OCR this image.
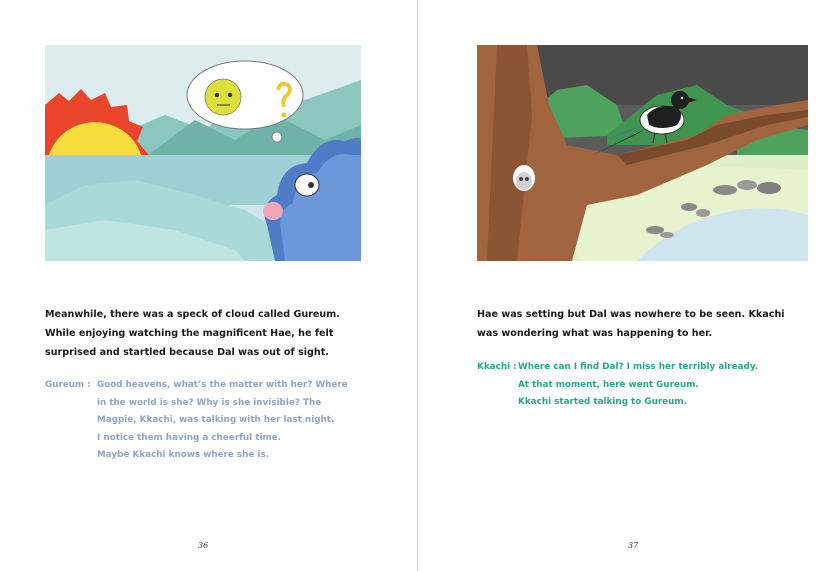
Meanwhile, there was a speck of cloud called Gureum.
While enjoying watching the magnificent Hae, he felt
surprised and startled because Dal was out of sight.
Gureum : Good heavens, what’s the matter with her? Where
in the world is she? Why is she invisible? The
Magpie, Kkachi, was talking with her last night.
I notice them having a cheerful time.
Maybe Kkachi knows where she is.
36
Hae was setting but Dal was nowhere to be seen. Kkachi
was wondering what was happening to her.
Kkachi : Where can I find Dal? I miss her terribly already.
At that moment, here went Gureum.
Kkachi started talking to Gureum.
37
